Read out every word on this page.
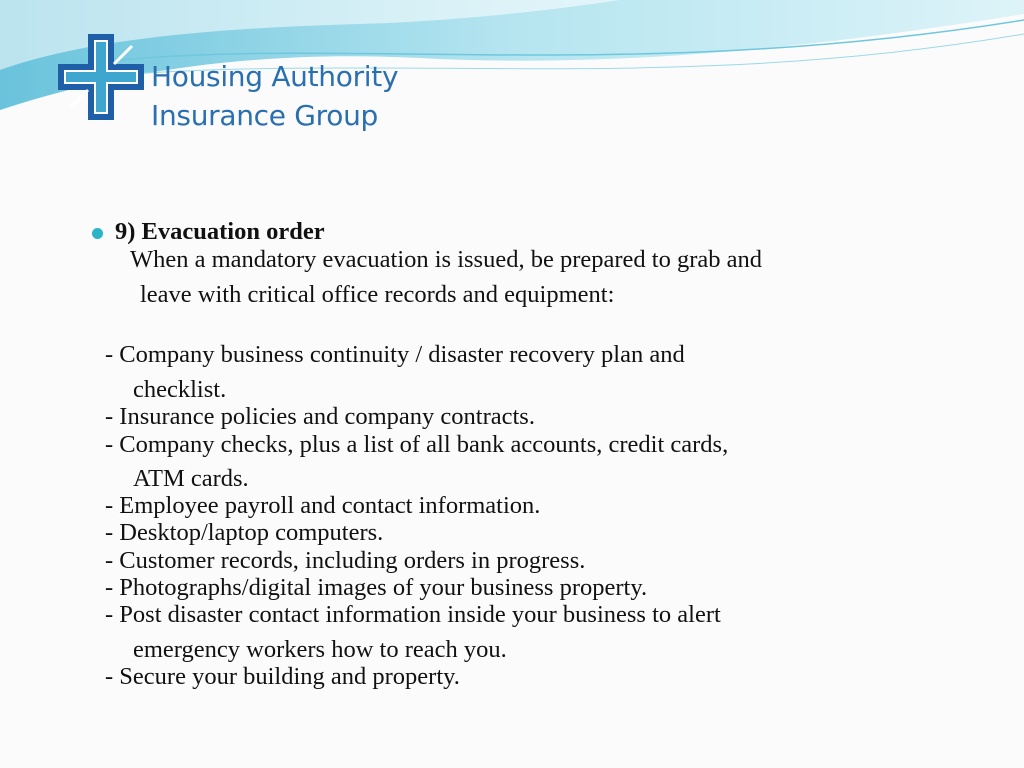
Housing Authority
Insurance Group
9) Evacuation order
When a mandatory evacuation is issued, be prepared to grab and
leave with critical office records and equipment:
- Company business continuity / disaster recovery plan and
checklist.
- Insurance policies and company contracts.
- Company checks, plus a list of all bank accounts, credit cards,
ATM cards.
- Employee payroll and contact information.
- Desktop/laptop computers.
- Customer records, including orders in progress.
- Photographs/digital images of your business property.
- Post disaster contact information inside your business to alert
emergency workers how to reach you.
- Secure your building and property.
